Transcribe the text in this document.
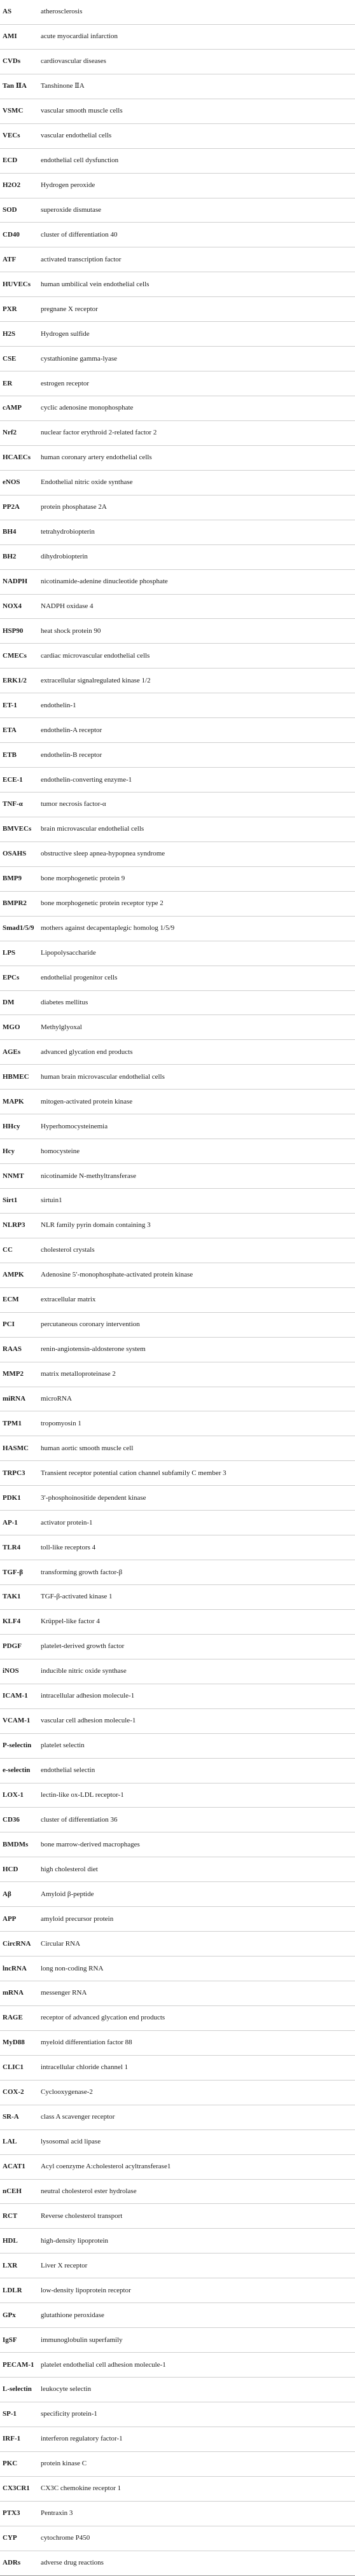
AS	atherosclerosis
AMI	acute myocardial infarction
CVDs	cardiovascular diseases
Tan ⅡA	Tanshinone ⅡA
VSMC	vascular smooth muscle cells
VECs	vascular endothelial cells
ECD	endothelial cell dysfunction
H2O2	Hydrogen peroxide
SOD	superoxide dismutase
CD40	cluster of differentiation 40
ATF	activated transcription factor
HUVECs	human umbilical vein endothelial cells
PXR	pregnane X receptor
H2S	Hydrogen sulfide
CSE	cystathionine gamma-lyase
ER	estrogen receptor
cAMP	cyclic adenosine monophosphate
Nrf2	nuclear factor erythroid 2-related factor 2
HCAECs	human coronary artery endothelial cells
eNOS	Endothelial nitric oxide synthase
PP2A	protein phosphatase 2A
BH4	tetrahydrobiopterin
BH2	dihydrobiopterin
NADPH	nicotinamide-adenine dinucleotide phosphate
NOX4	NADPH oxidase 4
HSP90	heat shock protein 90
CMECs	cardiac microvascular endothelial cells
ERK1/2	extracellular signalregulated kinase 1/2
ET-1	endothelin-1
ETA	endothelin-A receptor
ETB	endothelin-B receptor
ECE-1	endothelin-converting enzyme-1
TNF-α	tumor necrosis factor-α
BMVECs	brain microvascular endothelial cells
OSAHS	obstructive sleep apnea-hypopnea syndrome
BMP9	bone morphogenetic protein 9
BMPR2	bone morphogenetic protein receptor type 2
Smad1/5/9 mothers against decapentaplegic homolog 1/5/9
LPS	Lipopolysaccharide
EPCs	endothelial progenitor cells
DM	diabetes mellitus
MGO	Methylglyoxal
AGEs	advanced glycation end products
HBMEC	human brain microvascular endothelial cells
MAPK	mitogen-activated protein kinase
HHcy	Hyperhomocysteinemia
Hcy	homocysteine
NNMT	nicotinamide N-methyltransferase
Sirt1	sirtuin1
NLRP3	NLR family pyrin domain containing 3
CC	cholesterol crystals
AMPK	Adenosine 5′-monophosphate-activated protein kinase
ECM	extracellular matrix
PCI	percutaneous coronary intervention
RAAS	renin-angiotensin-aldosterone system
MMP2	matrix metalloproteinase 2
miRNA	microRNA
TPM1	tropomyosin 1
HASMC	human aortic smooth muscle cell
TRPC3	Transient receptor potential cation channel subfamily C member 3
PDK1	3′-phosphoinositide dependent kinase
AP-1	activator protein-1
TLR4	toll-like receptors 4
TGF-β	transforming growth factor-β
TAK1	TGF-β-activated kinase 1
KLF4	Krüppel-like factor 4
PDGF	platelet-derived growth factor
iNOS	inducible nitric oxide synthase
ICAM-1	intracellular adhesion molecule-1
VCAM-1	vascular cell adhesion molecule-1
P-selectin	platelet selectin
e-selectin	endothelial selectin
LOX-1	lectin-like ox-LDL receptor-1
CD36	cluster of differentiation 36
BMDMs	bone marrow-derived macrophages
HCD	high cholesterol diet
Aβ	Amyloid β-peptide
APP	amyloid precursor protein
CircRNA	Circular RNA
lncRNA	long non-coding RNA
mRNA	messenger RNA
RAGE	receptor of advanced glycation end products
MyD88	myeloid differentiation factor 88
CLIC1	intracellular chloride channel 1
COX-2	Cyclooxygenase-2
SR-A	class A scavenger receptor
LAL	lysosomal acid lipase
ACAT1	Acyl coenzyme A:cholesterol acyltransferase1
nCEH	neutral cholesterol ester hydrolase
RCT	Reverse cholesterol transport
HDL	high-density lipoprotein
LXR	Liver X receptor
LDLR	low-density lipoprotein receptor
GPx	glutathione peroxidase
IgSF	immunoglobulin superfamily
PECAM-1 platelet endothelial cell adhesion molecule-1
L-selectin	leukocyte selectin
SP-1	specificity protein-1
IRF-1	interferon regulatory factor-1
PKC	protein kinase C
CX3CR1	CX3C chemokine receptor 1
PTX3	Pentraxin 3
CYP	cytochrome P450
ADRs	adverse drug reactions
